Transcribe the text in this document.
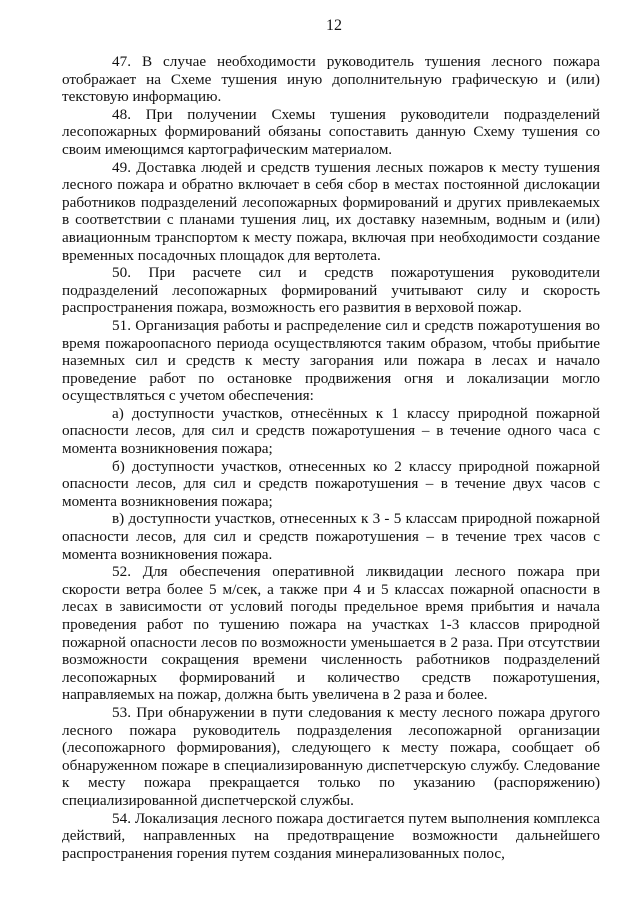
12

47. В случае необходимости руководитель тушения лесного пожара отображает на Схеме тушения иную дополнительную графическую и (или) текстовую информацию.

48. При получении Схемы тушения руководители подразделений лесопожарных формирований обязаны сопоставить данную Схему тушения со своим имеющимся картографическим материалом.

49. Доставка людей и средств тушения лесных пожаров к месту тушения лесного пожара и обратно включает в себя сбор в местах постоянной дислокации работников подразделений лесопожарных формирований и других привлекаемых в соответствии с планами тушения лиц, их доставку наземным, водным и (или) авиационным транспортом к месту пожара, включая при необходимости создание временных посадочных площадок для вертолета.

50. При расчете сил и средств пожаротушения руководители подразделений лесопожарных формирований учитывают силу и скорость распространения пожара, возможность его развития в верховой пожар.

51. Организация работы и распределение сил и средств пожаротушения во время пожароопасного периода осуществляются таким образом, чтобы прибытие наземных сил и средств к месту загорания или пожара в лесах и начало проведение работ по остановке продвижения огня и локализации могло осуществляться с учетом обеспечения:

а) доступности участков, отнесённых к 1 классу природной пожарной опасности лесов, для сил и средств пожаротушения – в течение одного часа с момента возникновения пожара;

б) доступности участков, отнесенных ко 2 классу природной пожарной опасности лесов, для сил и средств пожаротушения – в течение двух часов с момента возникновения пожара;

в) доступности участков, отнесенных к 3 - 5 классам природной пожарной опасности лесов, для сил и средств пожаротушения – в течение трех часов с момента возникновения пожара.

52. Для обеспечения оперативной ликвидации лесного пожара при скорости ветра более 5 м/сек, а также при 4 и 5 классах пожарной опасности в лесах в зависимости от условий погоды предельное время прибытия и начала проведения работ по тушению пожара на участках 1-3 классов природной пожарной опасности лесов по возможности уменьшается в 2 раза. При отсутствии возможности сокращения времени численность работников подразделений лесопожарных формирований и количество средств пожаротушения, направляемых на пожар, должна быть увеличена в 2 раза и более.

53. При обнаружении в пути следования к месту лесного пожара другого лесного пожара руководитель подразделения лесопожарной организации (лесопожарного формирования), следующего к месту пожара, сообщает об обнаруженном пожаре в специализированную диспетчерскую службу. Следование к месту пожара прекращается только по указанию (распоряжению) специализированной диспетчерской службы.

54. Локализация лесного пожара достигается путем выполнения комплекса действий, направленных на предотвращение возможности дальнейшего распространения горения путем создания минерализованных полос,
